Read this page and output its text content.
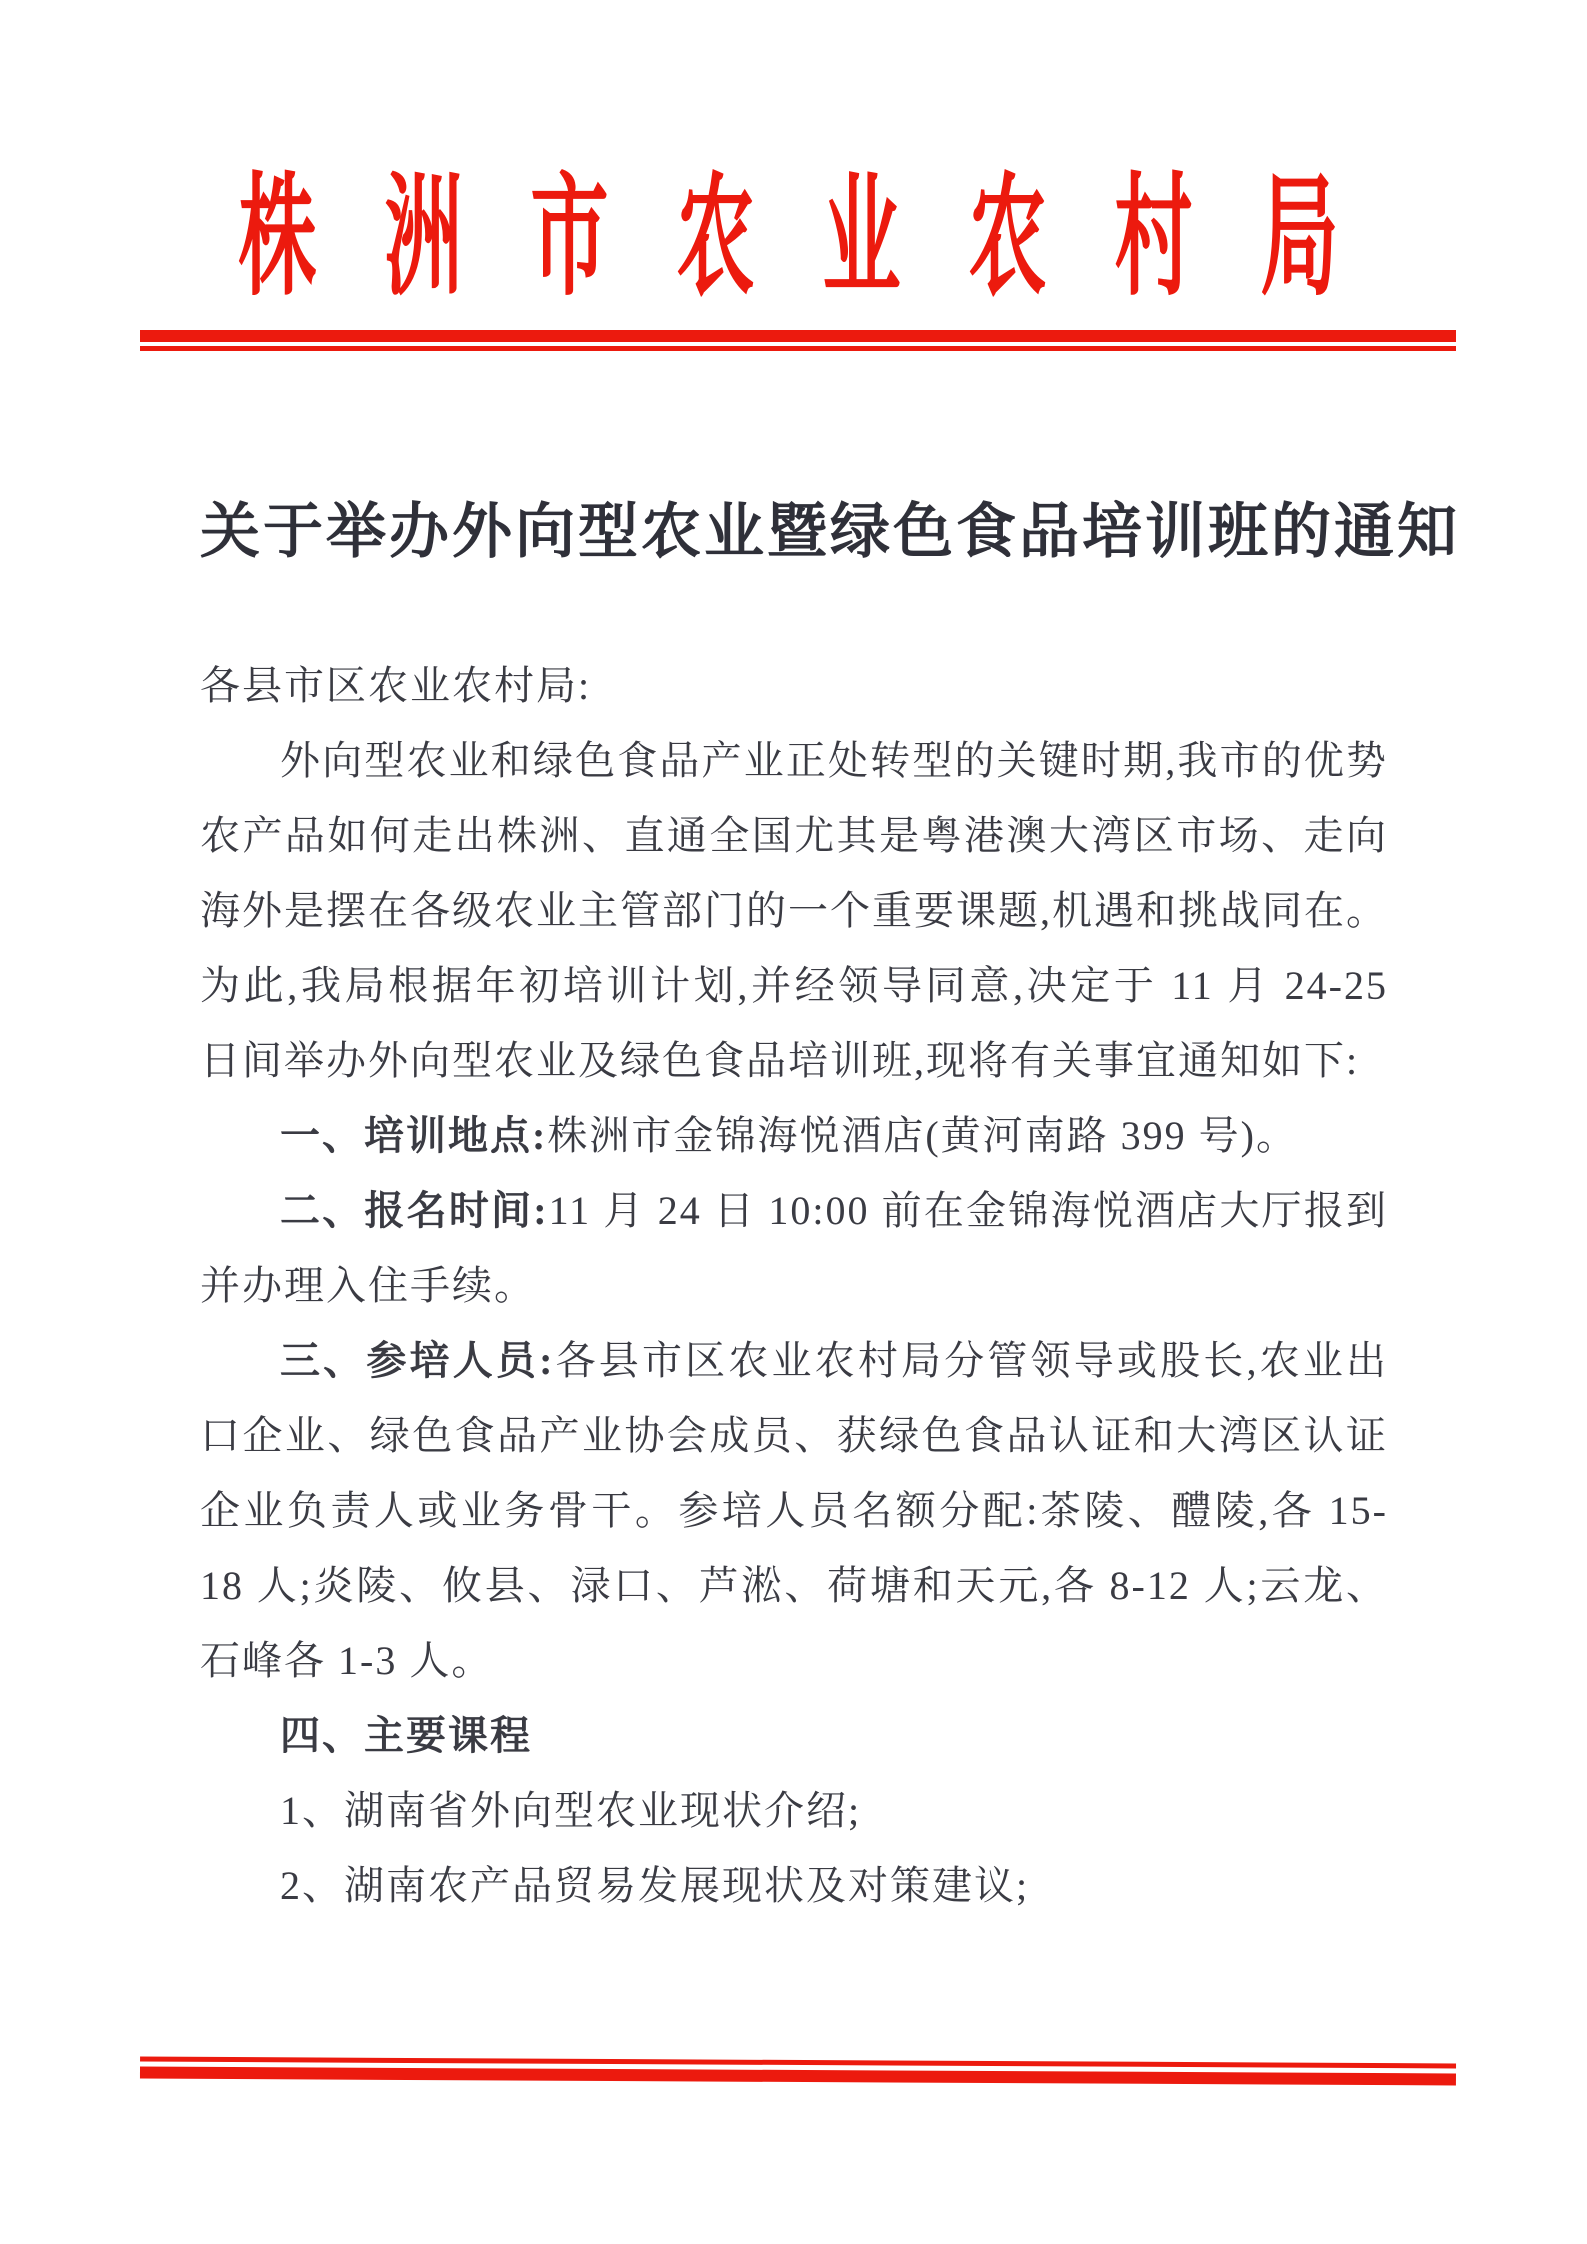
株洲市农业农村局
关于举办外向型农业暨绿色食品培训班的通知

各县市区农业农村局:

外向型农业和绿色食品产业正处转型的关键时期,我市的优势农产品如何走出株洲、直通全国尤其是粤港澳大湾区市场、走向海外是摆在各级农业主管部门的一个重要课题,机遇和挑战同在。为此,我局根据年初培训计划,并经领导同意,决定于 11 月 24-25 日间举办外向型农业及绿色食品培训班,现将有关事宜通知如下:

一、培训地点:株洲市金锦海悦酒店(黄河南路 399 号)。

二、报名时间:11 月 24 日 10:00 前在金锦海悦酒店大厅报到并办理入住手续。

三、参培人员:各县市区农业农村局分管领导或股长,农业出口企业、绿色食品产业协会成员、获绿色食品认证和大湾区认证企业负责人或业务骨干。参培人员名额分配:茶陵、醴陵,各 15-18 人;炎陵、攸县、渌口、芦淞、荷塘和天元,各 8-12 人;云龙、石峰各 1-3 人。

四、主要课程

1、湖南省外向型农业现状介绍;

2、湖南农产品贸易发展现状及对策建议;
